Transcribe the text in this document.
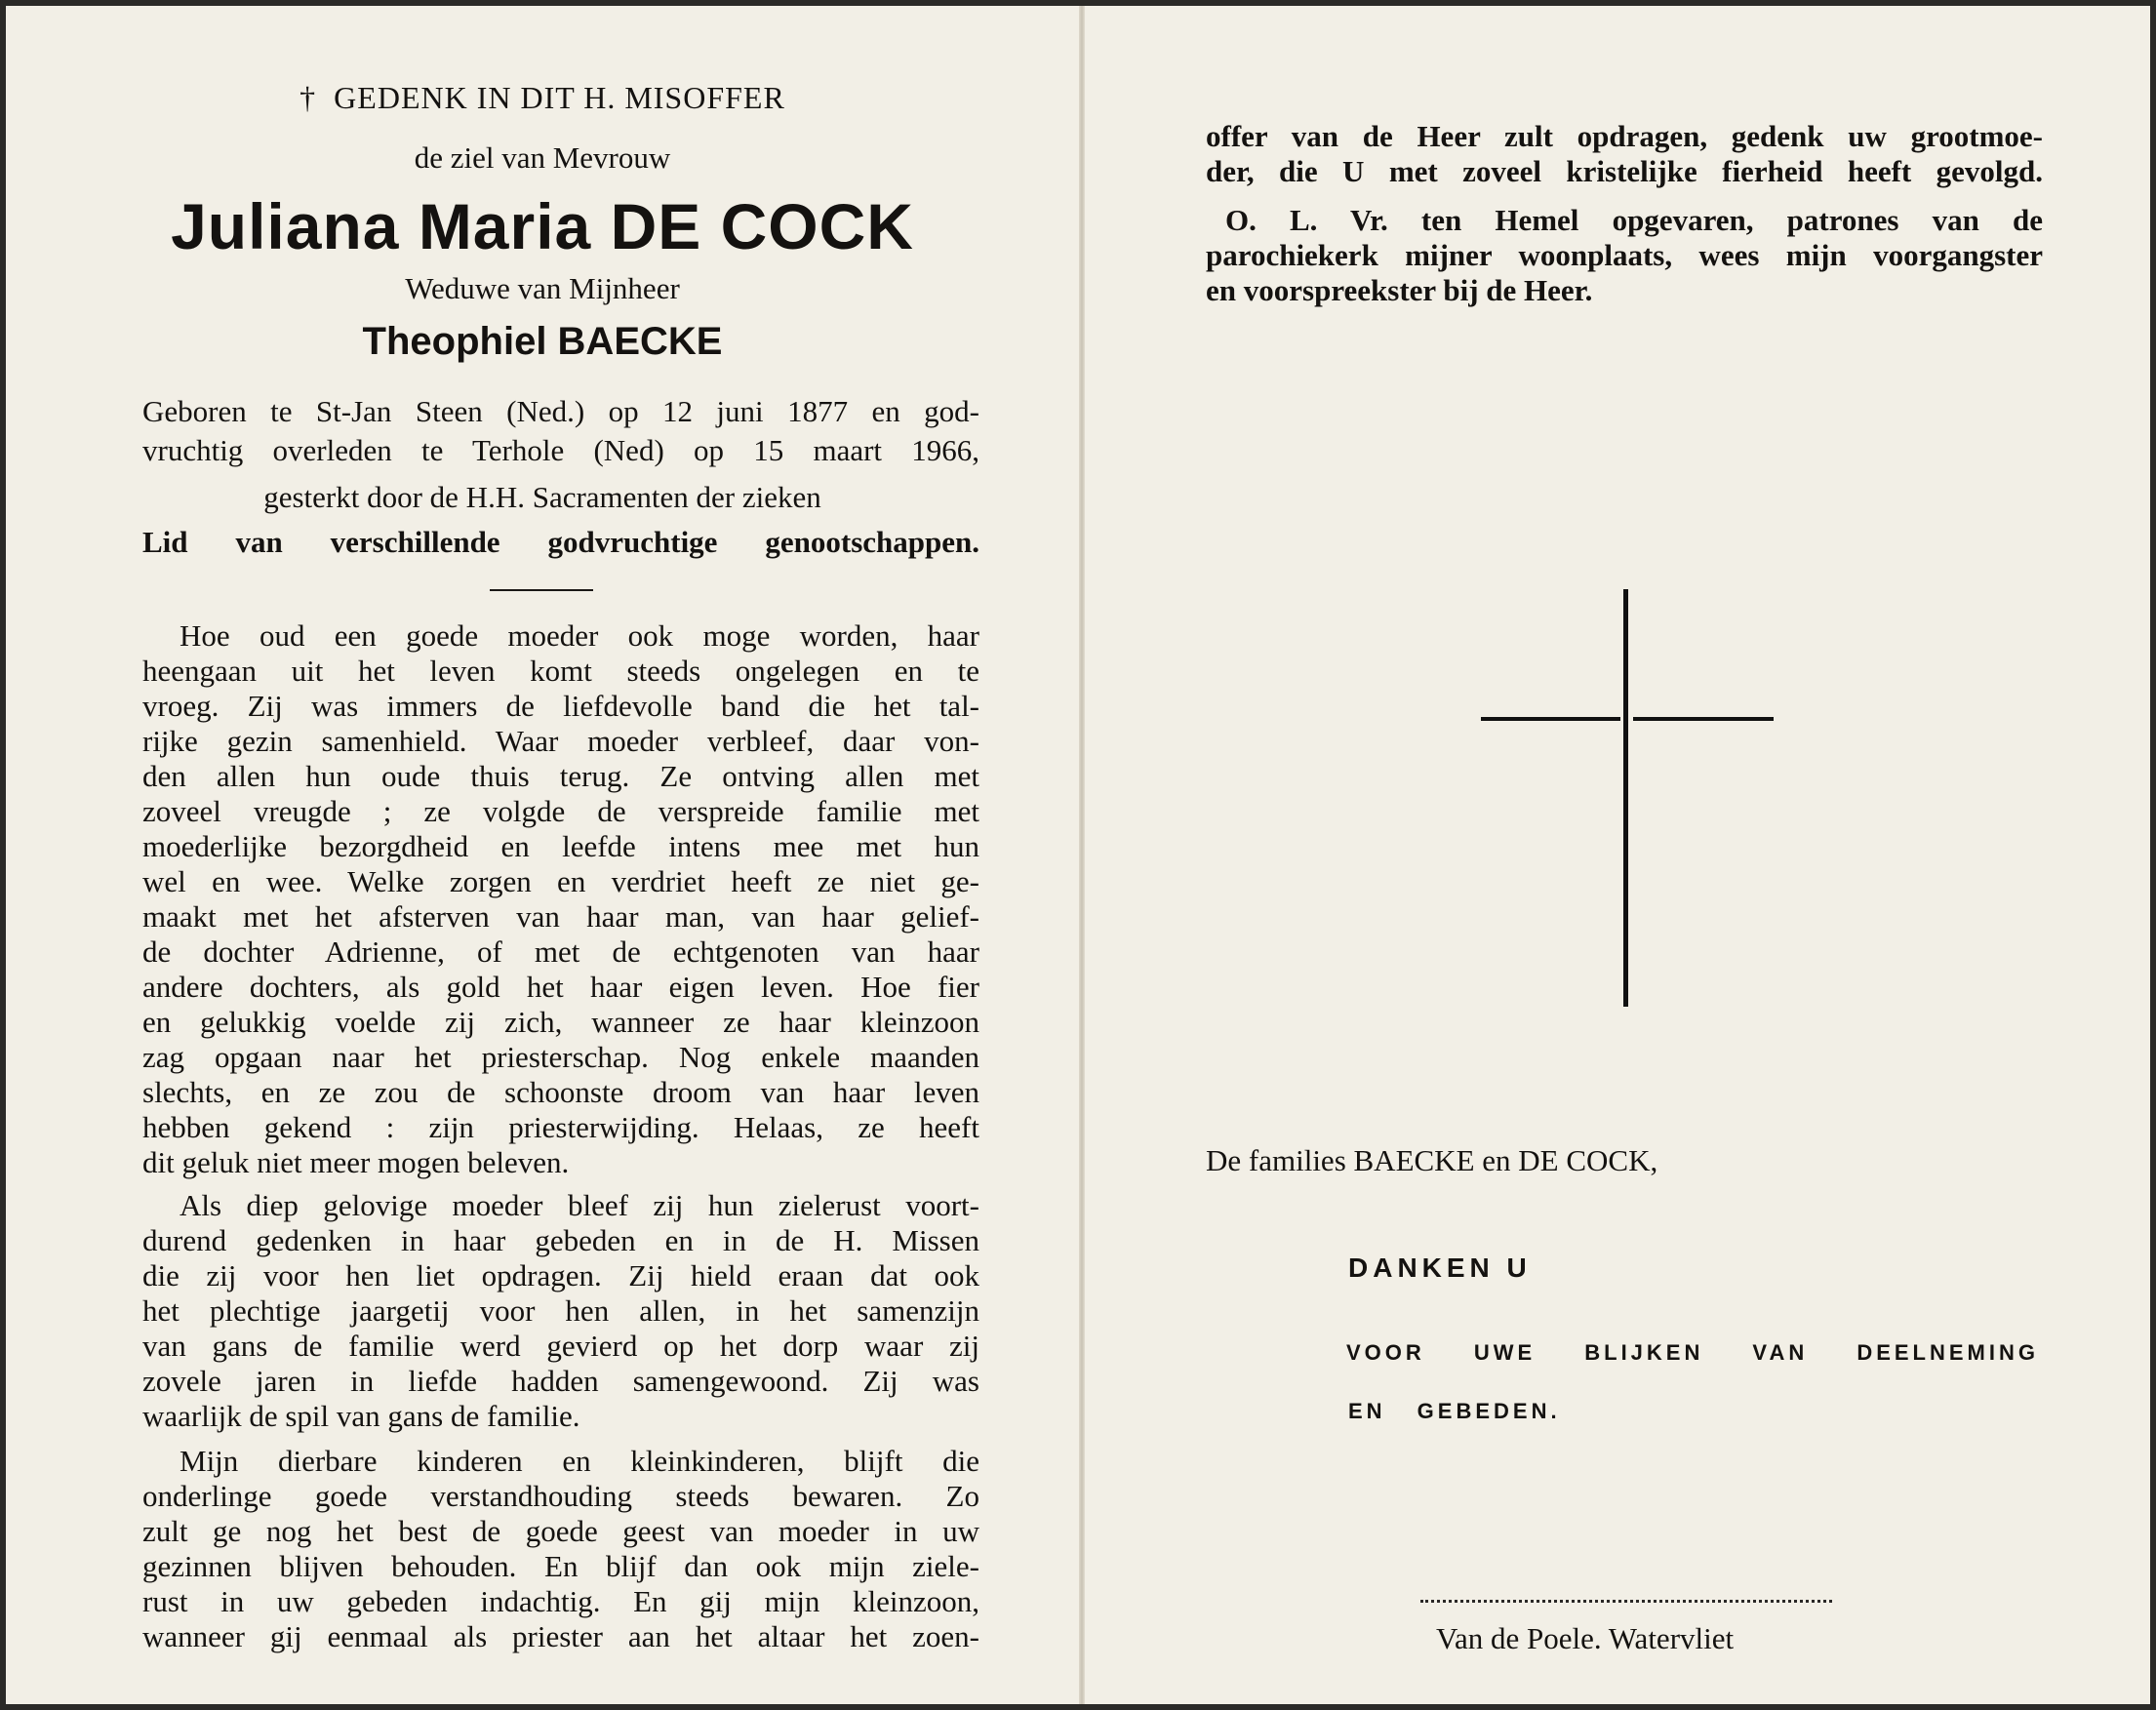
† GEDENK IN DIT H. MISOFFER
de ziel van Mevrouw
Juliana Maria DE COCK
Weduwe van Mijnheer
Theophiel BAECKE
Geboren te St-Jan Steen (Ned.) op 12 juni 1877 en god-
vruchtig overleden te Terhole (Ned) op 15 maart 1966,
gesterkt door de H.H. Sacramenten der zieken
Lid van verschillende godvruchtige genootschappen.
Hoe oud een goede moeder ook moge worden, haar
heengaan uit het leven komt steeds ongelegen en te
vroeg. Zij was immers de liefdevolle band die het tal-
rijke gezin samenhield. Waar moeder verbleef, daar von-
den allen hun oude thuis terug. Ze ontving allen met
zoveel vreugde ; ze volgde de verspreide familie met
moederlijke bezorgdheid en leefde intens mee met hun
wel en wee. Welke zorgen en verdriet heeft ze niet ge-
maakt met het afsterven van haar man, van haar gelief-
de dochter Adrienne, of met de echtgenoten van haar
andere dochters, als gold het haar eigen leven. Hoe fier
en gelukkig voelde zij zich, wanneer ze haar kleinzoon
zag opgaan naar het priesterschap. Nog enkele maanden
slechts, en ze zou de schoonste droom van haar leven
hebben gekend : zijn priesterwijding. Helaas, ze heeft
dit geluk niet meer mogen beleven.
Als diep gelovige moeder bleef zij hun zielerust voort-
durend gedenken in haar gebeden en in de H. Missen
die zij voor hen liet opdragen. Zij hield eraan dat ook
het plechtige jaargetij voor hen allen, in het samenzijn
van gans de familie werd gevierd op het dorp waar zij
zovele jaren in liefde hadden samengewoond. Zij was
waarlijk de spil van gans de familie.
Mijn dierbare kinderen en kleinkinderen, blijft die
onderlinge goede verstandhouding steeds bewaren. Zo
zult ge nog het best de goede geest van moeder in uw
gezinnen blijven behouden. En blijf dan ook mijn ziele-
rust in uw gebeden indachtig. En gij mijn kleinzoon,
wanneer gij eenmaal als priester aan het altaar het zoen-
offer van de Heer zult opdragen, gedenk uw grootmoe-
der, die U met zoveel kristelijke fierheid heeft gevolgd.
O. L. Vr. ten Hemel opgevaren, patrones van de
parochiekerk mijner woonplaats, wees mijn voorgangster
en voorspreekster bij de Heer.
De families BAECKE en DE COCK,
DANKEN U
VOOR UWE BLIJKEN VAN DEELNEMING
EN GEBEDEN.
Van de Poele. Watervliet
